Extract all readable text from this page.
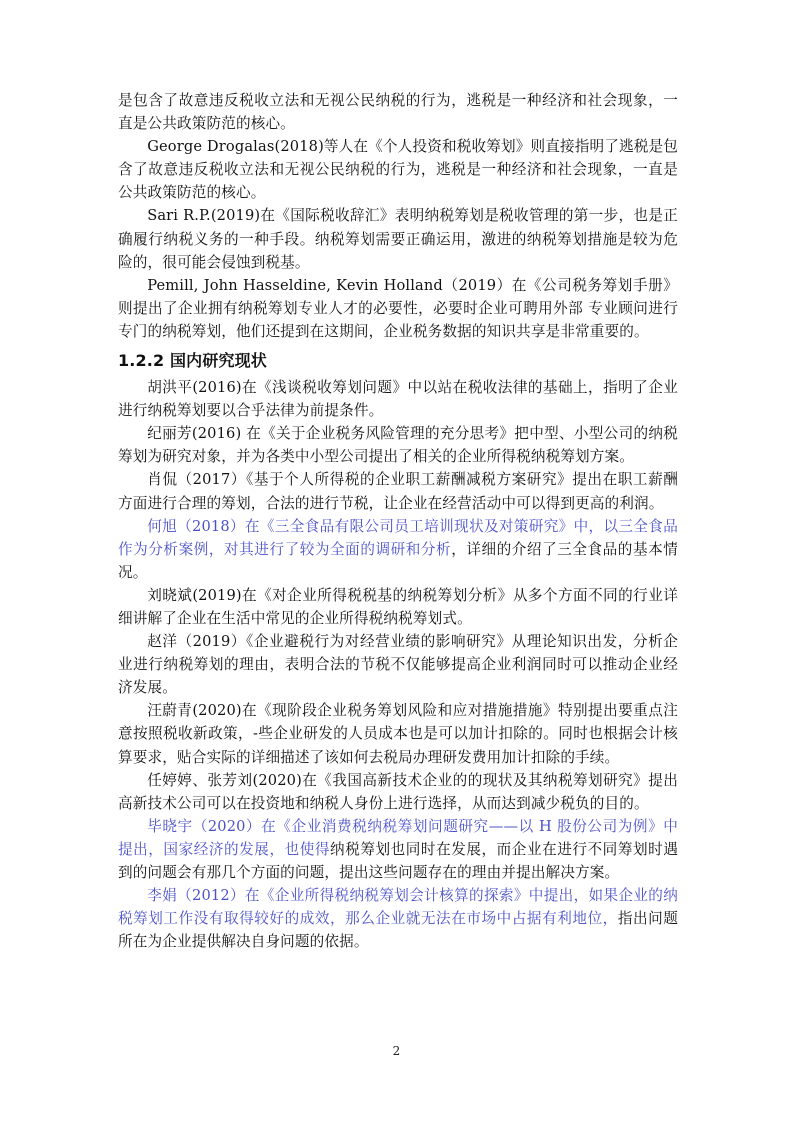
是包含了故意违反税收立法和无视公民纳税的行为，逃税是一种经济和社会现象，一直是公共政策防范的核心。

George Drogalas(2018)等人在《个人投资和税收筹划》则直接指明了逃税是包含了故意违反税收立法和无视公民纳税的行为，逃税是一种经济和社会现象，一直是公共政策防范的核心。

Sari R.P.(2019)在《国际税收辞汇》表明纳税筹划是税收管理的第一步，也是正确履行纳税义务的一种手段。纳税筹划需要正确运用，激进的纳税筹划措施是较为危险的，很可能会侵蚀到税基。

Pemill, John Hasseldine, Kevin Holland（2019）在《公司税务筹划手册》则提出了企业拥有纳税筹划专业人才的必要性，必要时企业可聘用外部 专业顾问进行专门的纳税筹划，他们还提到在这期间，企业税务数据的知识共享是非常重要的。

1.2.2 国内研究现状

胡洪平(2016)在《浅谈税收筹划问题》中以站在税收法律的基础上，指明了企业进行纳税筹划要以合乎法律为前提条件。

纪丽芳(2016) 在《关于企业税务风险管理的充分思考》把中型、小型公司的纳税筹划为研究对象，并为各类中小型公司提出了相关的企业所得税纳税筹划方案。

肖侃（2017）《基于个人所得税的企业职工薪酬减税方案研究》提出在职工薪酬方面进行合理的筹划，合法的进行节税，让企业在经营活动中可以得到更高的利润。

何旭（2018）在《三全食品有限公司员工培训现状及对策研究》中，以三全食品作为分析案例，对其进行了较为全面的调研和分析，详细的介绍了三全食品的基本情况。

刘晓斌(2019)在《对企业所得税税基的纳税筹划分析》从多个方面不同的行业详细讲解了企业在生活中常见的企业所得税纳税筹划式。

赵洋（2019）《企业避税行为对经营业绩的影响研究》从理论知识出发，分析企业进行纳税筹划的理由，表明合法的节税不仅能够提高企业利润同时可以推动企业经济发展。

汪蔚青(2020)在《现阶段企业税务筹划风险和应对措施措施》特别提出要重点注意按照税收新政策，-些企业研发的人员成本也是可以加计扣除的。同时也根据会计核算要求，贴合实际的详细描述了该如何去税局办理研发费用加计扣除的手续。

任婷婷、张芳刘(2020)在《我国高新技术企业的的现状及其纳税筹划研究》提出高新技术公司可以在投资地和纳税人身份上进行选择，从而达到减少税负的目的。

毕晓宇（2020）在《企业消费税纳税筹划问题研究——以 H 股份公司为例》中提出，国家经济的发展，也使得纳税筹划也同时在发展，而企业在进行不同筹划时遇到的问题会有那几个方面的问题，提出这些问题存在的理由并提出解决方案。

李娟（2012）在《企业所得税纳税筹划会计核算的探索》中提出，如果企业的纳税筹划工作没有取得较好的成效，那么企业就无法在市场中占据有利地位，指出问题所在为企业提供解决自身问题的依据。

2
